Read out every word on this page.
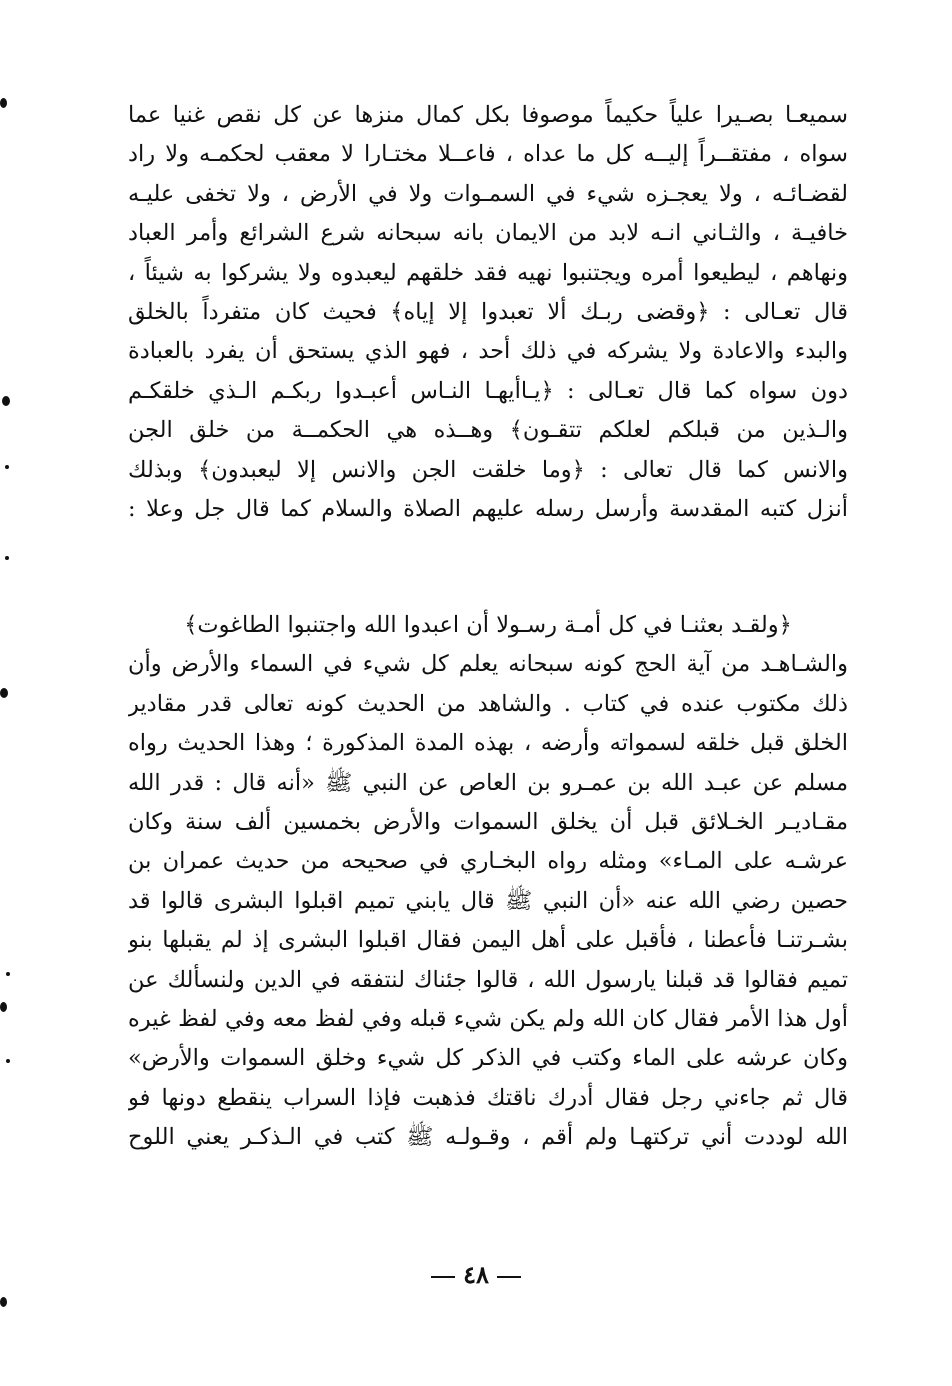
سميعـا بصـيرا علياً حكيماً موصوفا بكل كمال منزها عن كل نقص غنيا عما
سواه ، مفتقــراً إليــه كل ما عداه ، فاعــلا مختـارا لا معقب لحكمـه ولا راد
لقضـائـه ، ولا يعجـزه شيء في السمـوات ولا في الأرض ، ولا تخفى عليـه
خافيـة ، والثـاني انـه لابد من الايمان بانه سبحانه شرع الشرائع وأمر العباد
ونهاهم ، ليطيعوا أمره ويجتنبوا نهيه فقد خلقهم ليعبدوه ولا يشركوا به شيئاً ،
قال تعـالى : ﴿وقضى ربـك ألا تعبدوا إلا إياه﴾ فحيث كان متفرداً بالخلق
والبدء والاعادة ولا يشركه في ذلك أحد ، فهو الذي يستحق أن يفرد بالعبادة
دون سواه كما قال تعـالى : ﴿يـاأيهـا النـاس أعبـدوا ربكـم الـذي خلقكـم
والـذين من قبلكم لعلكم تتقـون﴾ وهــذه هي الحكمــة من خلق الجن
والانس كما قال تعالى : ﴿وما خلقت الجن والانس إلا ليعبدون﴾ وبذلك
أنزل كتبه المقدسة وأرسل رسله عليهم الصلاة والسلام كما قال جل وعلا :
﴿ولقـد بعثنـا في كل أمـة رسـولا أن اعبدوا الله واجتنبوا الطاغوت﴾
والشـاهـد من آية الحج كونه سبحانه يعلم كل شيء في السماء والأرض وأن
ذلك مكتوب عنده في كتاب . والشاهد من الحديث كونه تعالى قدر مقادير
الخلق قبل خلقه لسمواته وأرضه ، بهذه المدة المذكورة ؛ وهذا الحديث رواه
مسلم عن عبـد الله بن عمـرو بن العاص عن النبي ﷺ «أنه قال : قدر الله
مقـاديـر الخـلائق قبل أن يخلق السموات والأرض بخمسين ألف سنة وكان
عرشـه على المـاء» ومثله رواه البخـاري في صحيحه من حديث عمران بن
حصين رضي الله عنه «أن النبي ﷺ قال يابني تميم اقبلوا البشرى قالوا قد
بشـرتنـا فأعطنا ، فأقبل على أهل اليمن فقال اقبلوا البشرى إذ لم يقبلها بنو
تميم فقالوا قد قبلنا يارسول الله ، قالوا جئناك لنتفقه في الدين ولنسألك عن
أول هذا الأمر فقال كان الله ولم يكن شيء قبله وفي لفظ معه وفي لفظ غيره
وكان عرشه على الماء وكتب في الذكر كل شيء وخلق السموات والأرض»
قال ثم جاءني رجل فقال أدرك ناقتك فذهبت فإذا السراب ينقطع دونها فو
الله لوددت أني تركتهـا ولم أقم ، وقـولـه ﷺ كتب في الـذكـر يعني اللوح
٤٨
